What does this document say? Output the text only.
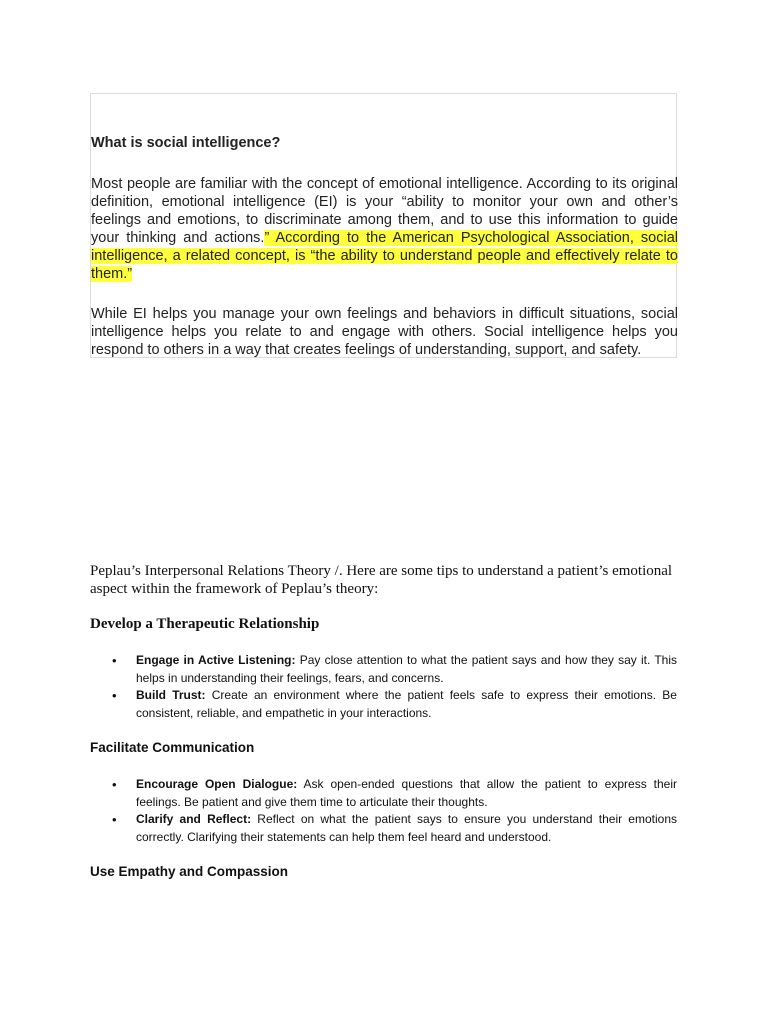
What is social intelligence?

Most people are familiar with the concept of emotional intelligence. According to its original definition, emotional intelligence (EI) is your “ability to monitor your own and other’s feelings and emotions, to discriminate among them, and to use this information to guide your thinking and actions.” According to the American Psychological Association, social intelligence, a related concept, is “the ability to understand people and effectively relate to them.”

While EI helps you manage your own feelings and behaviors in difficult situations, social intelligence helps you relate to and engage with others. Social intelligence helps you respond to others in a way that creates feelings of understanding, support, and safety.

Peplau’s Interpersonal Relations Theory /. Here are some tips to understand a patient’s emotional aspect within the framework of Peplau’s theory:

Develop a Therapeutic Relationship
• Engage in Active Listening: Pay close attention to what the patient says and how they say it. This helps in understanding their feelings, fears, and concerns.
• Build Trust: Create an environment where the patient feels safe to express their emotions. Be consistent, reliable, and empathetic in your interactions.
Facilitate Communication
• Encourage Open Dialogue: Ask open-ended questions that allow the patient to express their feelings. Be patient and give them time to articulate their thoughts.
• Clarify and Reflect: Reflect on what the patient says to ensure you understand their emotions correctly. Clarifying their statements can help them feel heard and understood.
Use Empathy and Compassion
